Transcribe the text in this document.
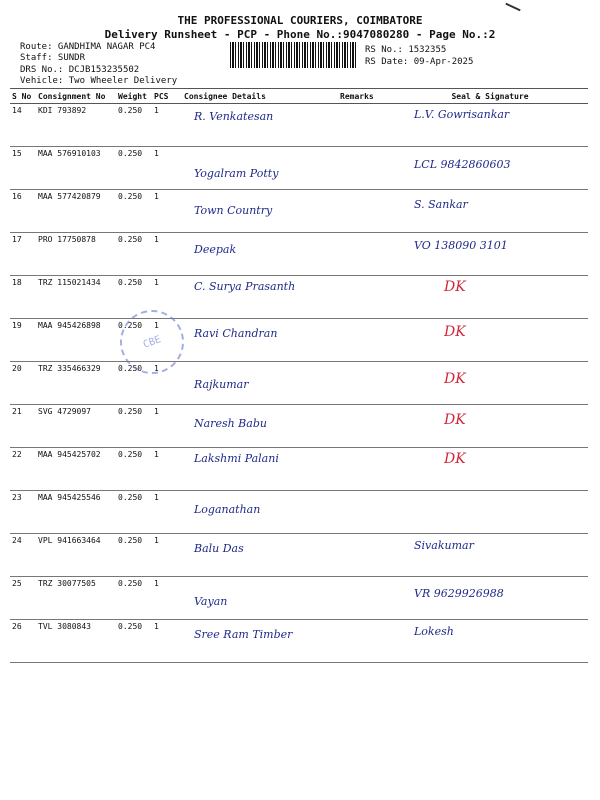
THE PROFESSIONAL COURIERS, COIMBATORE
Delivery Runsheet - PCP - Phone No.:9047080280 - Page No.:2
Route: GANDHIMA NAGAR PC4
Staff: SUNDR
DRS No.: DCJB153235502
Vehicle: Two Wheeler Delivery
RS No.: 1532355
RS Date: 09-Apr-2025
S No	Consignment No	Weight	PCS	Consignee Details	Remarks	Seal & Signature
14	KDI 793892	0.250	1	R. Venkatesan		L.V. Gowrisankar
15	MAA 576910103	0.250	1	Yogalram Potty		LCL 9842860603
16	MAA 577420879	0.250	1	Town Country		S. Sankar
17	PRO 17750878	0.250	1	Deepak		VO 138090 3101
18	TRZ 115021434	0.250	1	C. Surya Prasanth		DK
19	MAA 945426898	0.250	1	Ravi Chandran		DK
20	TRZ 335466329	0.250	1	Rajkumar		DK
21	SVG 4729097	0.250	1	Naresh Babu		DK
22	MAA 945425702	0.250	1	Lakshmi Palani		DK
23	MAA 945425546	0.250	1	Loganathan		
24	VPL 941663464	0.250	1	Balu Das		Sivakumar
25	TRZ 30077505	0.250	1	Vayan		VR 9629926988
26	TVL 3080843	0.250	1	Sree Ram Timber		Lokesh
CBE
